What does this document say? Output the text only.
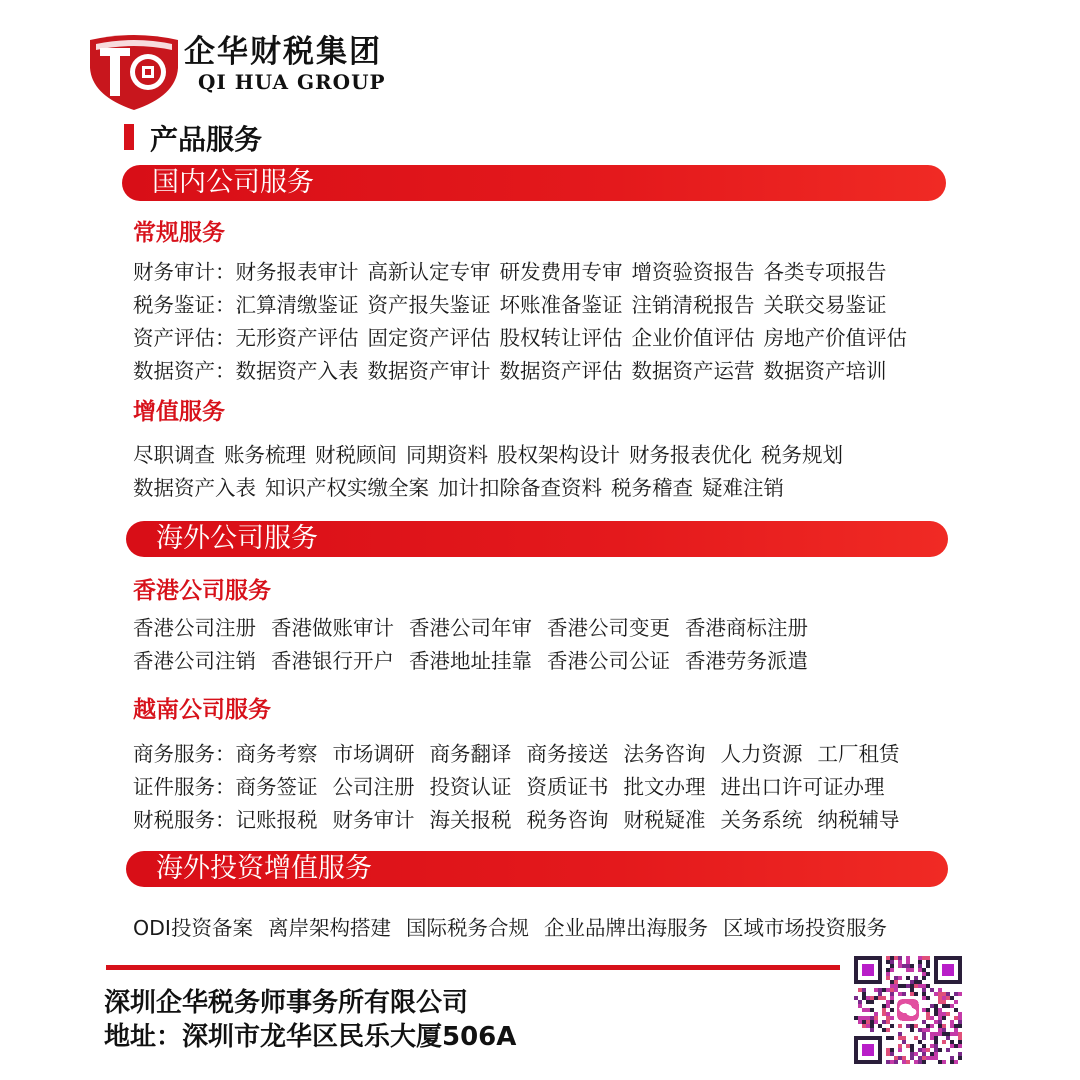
企华财税集团
QI HUA GROUP
产品服务
国内公司服务
常规服务
财务审计：财务报表审计 高新认定专审 研发费用专审 增资验资报告 各类专项报告
税务鉴证：汇算清缴鉴证 资产报失鉴证 坏账准备鉴证 注销清税报告 关联交易鉴证
资产评估：无形资产评估 固定资产评估 股权转让评估 企业价值评估 房地产价值评估
数据资产：数据资产入表 数据资产审计 数据资产评估 数据资产运营 数据资产培训
增值服务
尽职调查 账务梳理 财税顾间 同期资料 股权架构设计 财务报表优化 税务规划
数据资产入表 知识产权实缴全案 加计扣除备查资料 税务稽查 疑难注销
海外公司服务
香港公司服务
香港公司注册 香港做账审计 香港公司年审 香港公司变更 香港商标注册
香港公司注销 香港银行开户 香港地址挂靠 香港公司公证 香港劳务派遣
越南公司服务
商务服务：商务考察 市场调研 商务翻译 商务接送 法务咨询 人力资源 工厂租赁
证件服务：商务签证 公司注册 投资认证 资质证书 批文办理 进出口许可证办理
财税服务：记账报税 财务审计 海关报税 税务咨询 财税疑准 关务系统 纳税辅导
海外投资增值服务
ODI投资备案 离岸架构搭建 国际税务合规 企业品牌出海服务 区域市场投资服务
深圳企华税务师事务所有限公司
地址：深圳市龙华区民乐大厦506A
